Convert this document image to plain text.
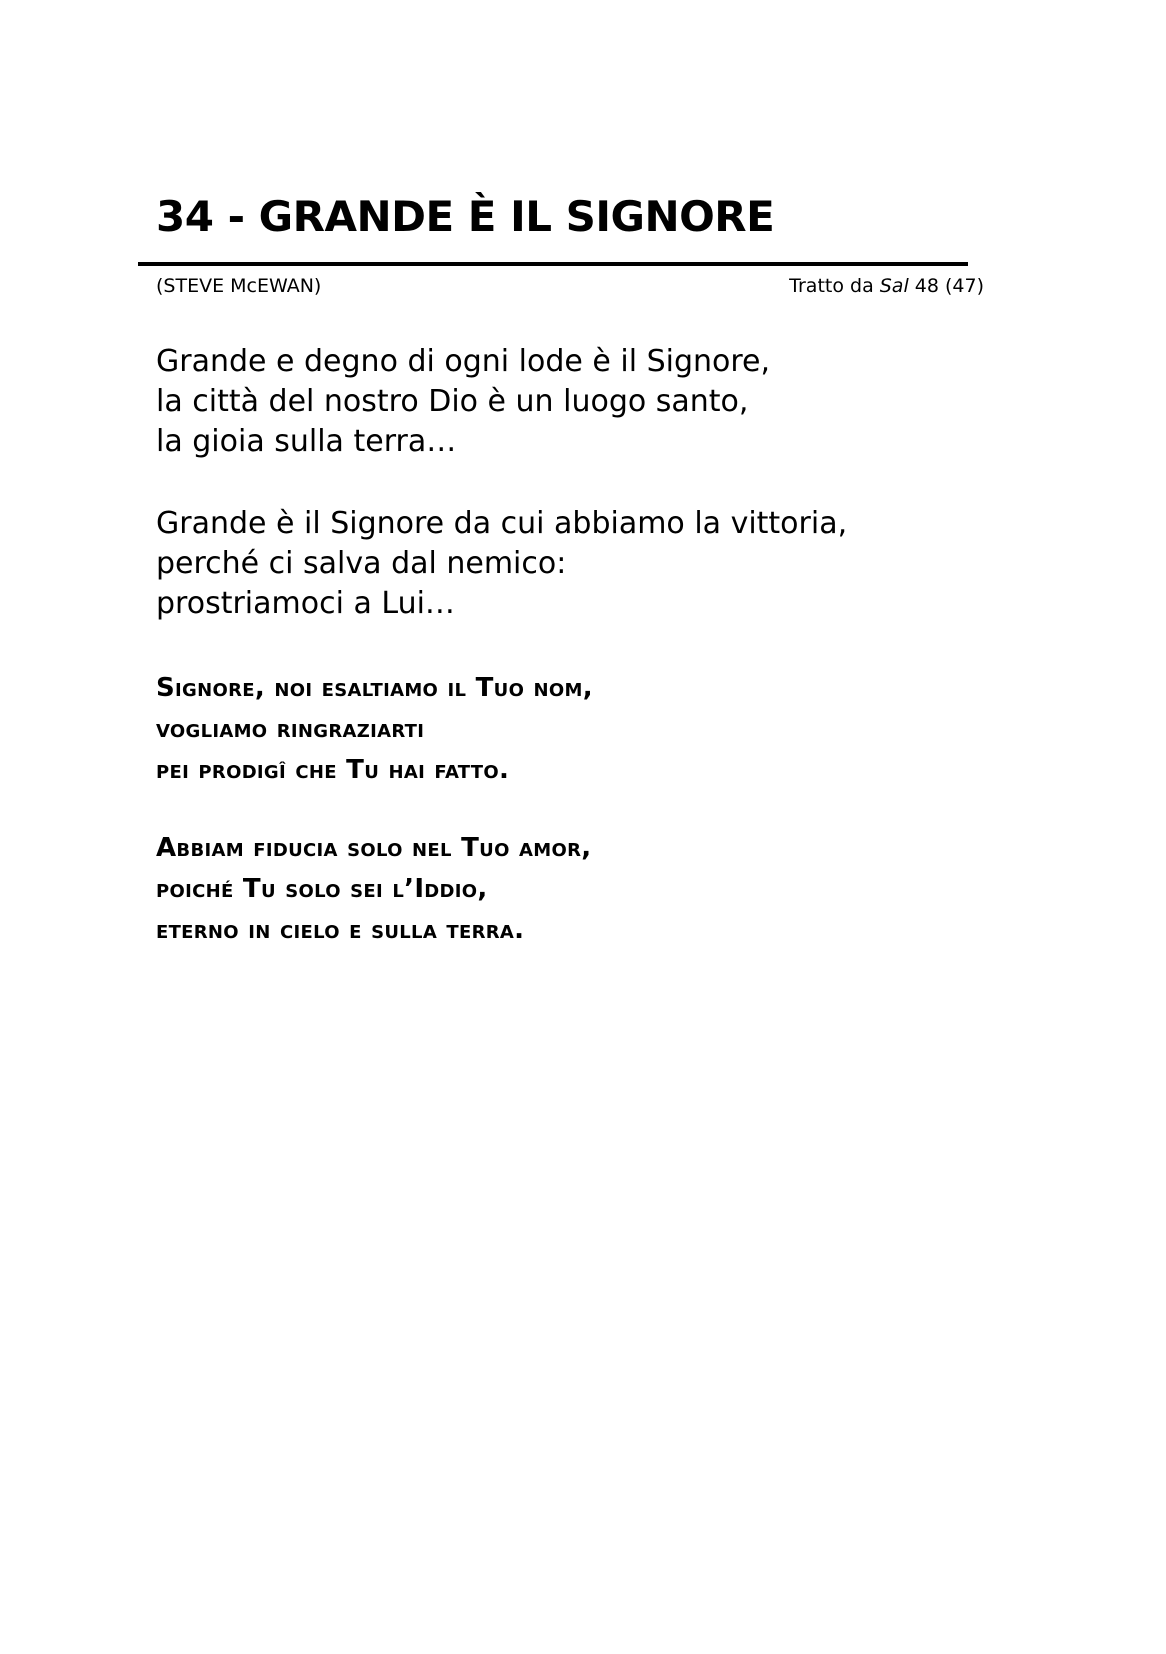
34 - GRANDE È IL SIGNORE
(STEVE McEWAN)	Tratto da Sal 48 (47)
Grande e degno di ogni lode è il Signore,
la città del nostro Dio è un luogo santo,
la gioia sulla terra…
Grande è il Signore da cui abbiamo la vittoria,
perché ci salva dal nemico:
prostriamoci a Lui…
Signore, noi esaltiamo il Tuo nom,
vogliamo ringraziarti
pei prodigî che Tu hai fatto.
Abbiam fiducia solo nel Tuo amor,
poiché Tu solo sei l’Iddio,
eterno in cielo e sulla terra.
